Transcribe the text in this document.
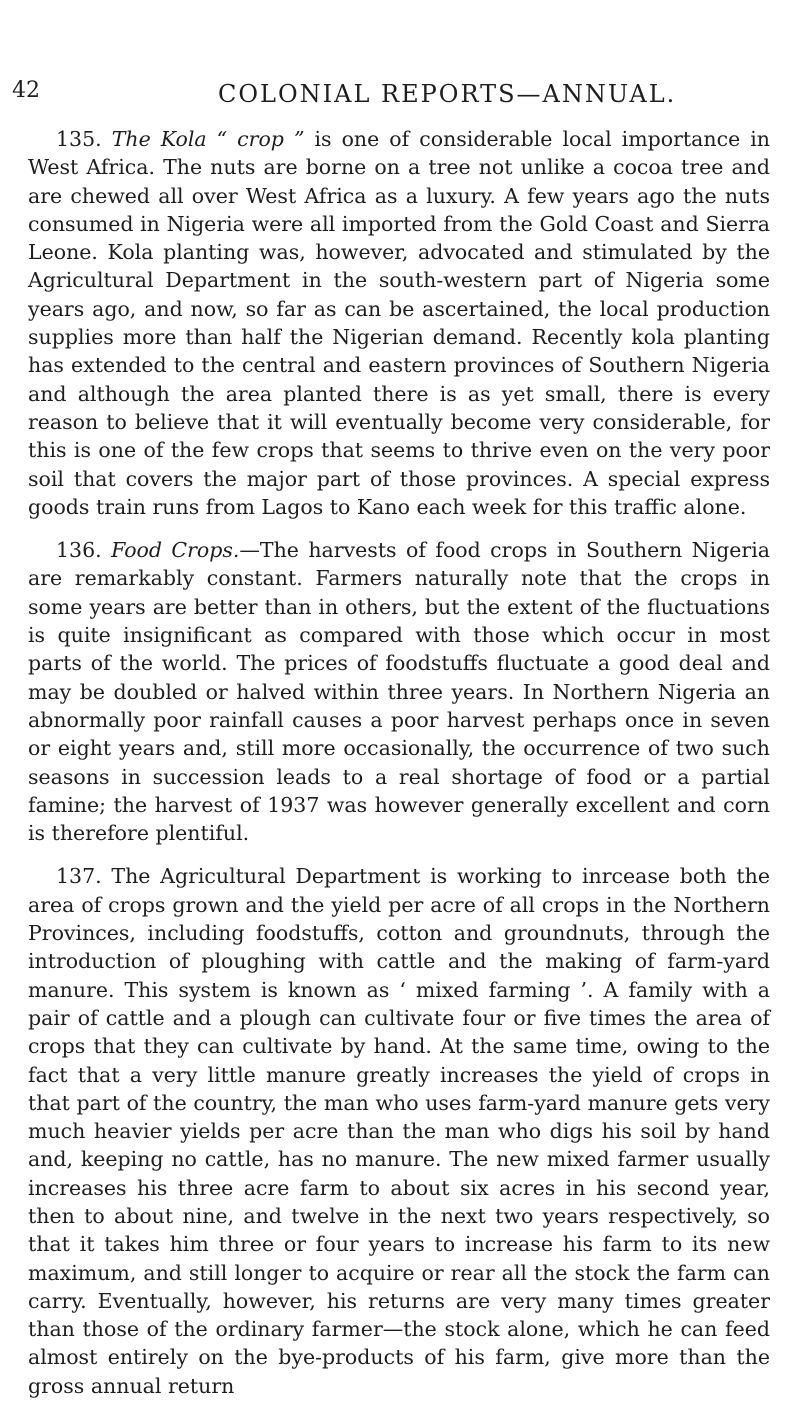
42	COLONIAL REPORTS—ANNUAL.

135. The Kola “ crop ” is one of considerable local importance in West Africa. The nuts are borne on a tree not unlike a cocoa tree and are chewed all over West Africa as a luxury. A few years ago the nuts consumed in Nigeria were all imported from the Gold Coast and Sierra Leone. Kola planting was, however, advocated and stimulated by the Agricultural Department in the south-western part of Nigeria some years ago, and now, so far as can be ascertained, the local production supplies more than half the Nigerian demand. Recently kola planting has extended to the central and eastern provinces of Southern Nigeria and although the area planted there is as yet small, there is every reason to believe that it will eventually become very considerable, for this is one of the few crops that seems to thrive even on the very poor soil that covers the major part of those provinces. A special express goods train runs from Lagos to Kano each week for this traffic alone.

136. Food Crops.—The harvests of food crops in Southern Nigeria are remarkably constant. Farmers naturally note that the crops in some years are better than in others, but the extent of the fluctuations is quite insignificant as compared with those which occur in most parts of the world. The prices of foodstuffs fluctuate a good deal and may be doubled or halved within three years. In Northern Nigeria an abnormally poor rainfall causes a poor harvest perhaps once in seven or eight years and, still more occasionally, the occurrence of two such seasons in succession leads to a real shortage of food or a partial famine; the harvest of 1937 was however generally excellent and corn is therefore plentiful.

137. The Agricultural Department is working to inrcease both the area of crops grown and the yield per acre of all crops in the Northern Provinces, including foodstuffs, cotton and groundnuts, through the introduction of ploughing with cattle and the making of farm-yard manure. This system is known as ‘ mixed farming ’. A family with a pair of cattle and a plough can cultivate four or five times the area of crops that they can cultivate by hand. At the same time, owing to the fact that a very little manure greatly increases the yield of crops in that part of the country, the man who uses farm-yard manure gets very much heavier yields per acre than the man who digs his soil by hand and, keeping no cattle, has no manure. The new mixed farmer usually increases his three acre farm to about six acres in his second year, then to about nine, and twelve in the next two years respectively, so that it takes him three or four years to increase his farm to its new maximum, and still longer to acquire or rear all the stock the farm can carry. Eventually, however, his returns are very many times greater than those of the ordinary farmer—the stock alone, which he can feed almost entirely on the bye-products of his farm, give more than the gross annual return
